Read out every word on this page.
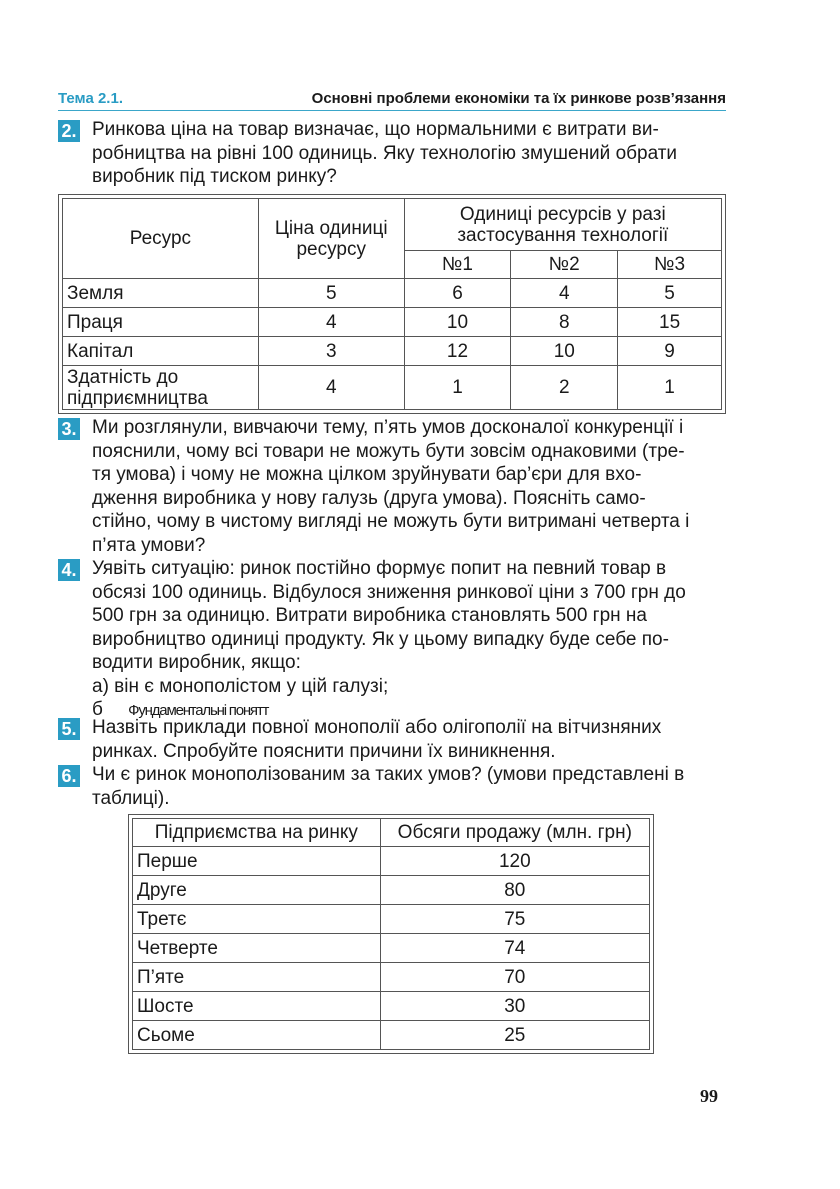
Тема 2.1.	Основні проблеми економіки та їх ринкове розв’язання
2. Ринкова ціна на товар визначає, що нормальними є витрати ви-
робництва на рівні 100 одиниць. Яку технологію змушений обрати
виробник під тиском ринку?
Ресурс	Ціна одиниці ресурсу	Одиниці ресурсів у разі застосування технології		
		№1	№2	№3
Земля	5	6	4	5
Праця	4	10	8	15
Капітал	3	12	10	9
Здатність до підприємництва	4	1	2	1
3. Ми розглянули, вивчаючи тему, п’ять умов досконалої конкуренції і
пояснили, чому всі товари не можуть бути зовсім однаковими (тре-
тя умова) і чому не можна цілком зруйнувати бар’єри для вхо-
дження виробника у нову галузь (друга умова). Поясніть само-
стійно, чому в чистому вигляді не можуть бути витримані четверта і
п’ята умови?
4. Уявіть ситуацію: ринок постійно формує попит на певний товар в
обсязі 100 одиниць. Відбулося зниження ринкової ціни з 700 грн до
500 грн за одиницю. Витрати виробника становлять 500 грн на
виробництво одиниці продукту. Як у цьому випадку буде себе по-
водити виробник, якщо:
а) він є монополістом у цій галузі;
б Фундаментальні понятт
5. Назвіть приклади повної монополії або олігополії на вітчизняних
ринках. Спробуйте пояснити причини їх виникнення.
6. Чи є ринок монополізованим за таких умов? (умови представлені в
таблиці).
Підприємства на ринку	Обсяги продажу (млн. грн)
Перше	120
Друге	80
Третє	75
Четверте	74
П’яте	70
Шосте	30
Сьоме	25
99
